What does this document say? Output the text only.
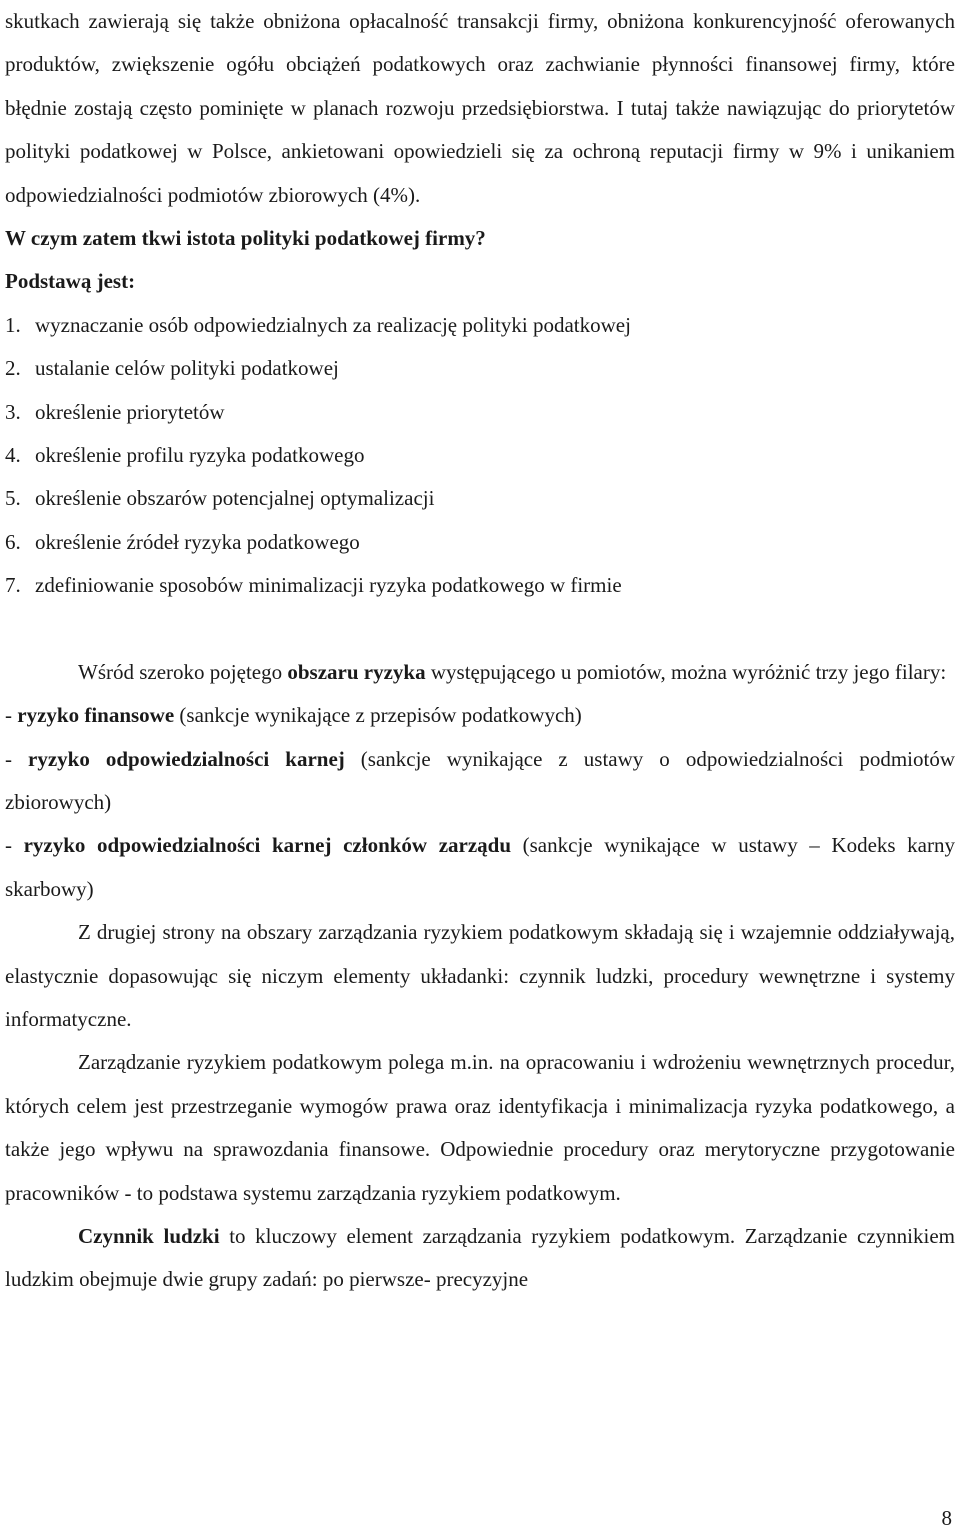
skutkach zawierają się także obniżona opłacalność transakcji firmy, obniżona konkurencyjność oferowanych produktów, zwiększenie ogółu obciążeń podatkowych oraz zachwianie płynności finansowej firmy, które błędnie zostają często pominięte w planach rozwoju przedsiębiorstwa. I tutaj także nawiązując do priorytetów polityki podatkowej w Polsce, ankietowani opowiedzieli się za ochroną reputacji firmy w 9% i unikaniem odpowiedzialności podmiotów zbiorowych (4%).

W czym zatem tkwi istota polityki podatkowej firmy?

Podstawą jest:

1. wyznaczanie osób odpowiedzialnych za realizację polityki podatkowej
2. ustalanie celów polityki podatkowej
3. określenie priorytetów
4. określenie profilu ryzyka podatkowego
5. określenie obszarów potencjalnej optymalizacji
6. określenie źródeł ryzyka podatkowego
7. zdefiniowanie sposobów minimalizacji ryzyka podatkowego w firmie

Wśród szeroko pojętego obszaru ryzyka występującego u pomiotów, można wyróżnić trzy jego filary:

- ryzyko finansowe (sankcje wynikające z przepisów podatkowych)

- ryzyko odpowiedzialności karnej (sankcje wynikające z ustawy o odpowiedzialności podmiotów zbiorowych)

- ryzyko odpowiedzialności karnej członków zarządu (sankcje wynikające w ustawy – Kodeks karny skarbowy)

Z drugiej strony na obszary zarządzania ryzykiem podatkowym składają się i wzajemnie oddziaływają, elastycznie dopasowując się niczym elementy układanki: czynnik ludzki, procedury wewnętrzne i systemy informatyczne.

Zarządzanie ryzykiem podatkowym polega m.in. na opracowaniu i wdrożeniu wewnętrznych procedur, których celem jest przestrzeganie wymogów prawa oraz identyfikacja i minimalizacja ryzyka podatkowego, a także jego wpływu na sprawozdania finansowe. Odpowiednie procedury oraz merytoryczne przygotowanie pracowników - to podstawa systemu zarządzania ryzykiem podatkowym.

Czynnik ludzki to kluczowy element zarządzania ryzykiem podatkowym. Zarządzanie czynnikiem ludzkim obejmuje dwie grupy zadań: po pierwsze- precyzyjne

8
